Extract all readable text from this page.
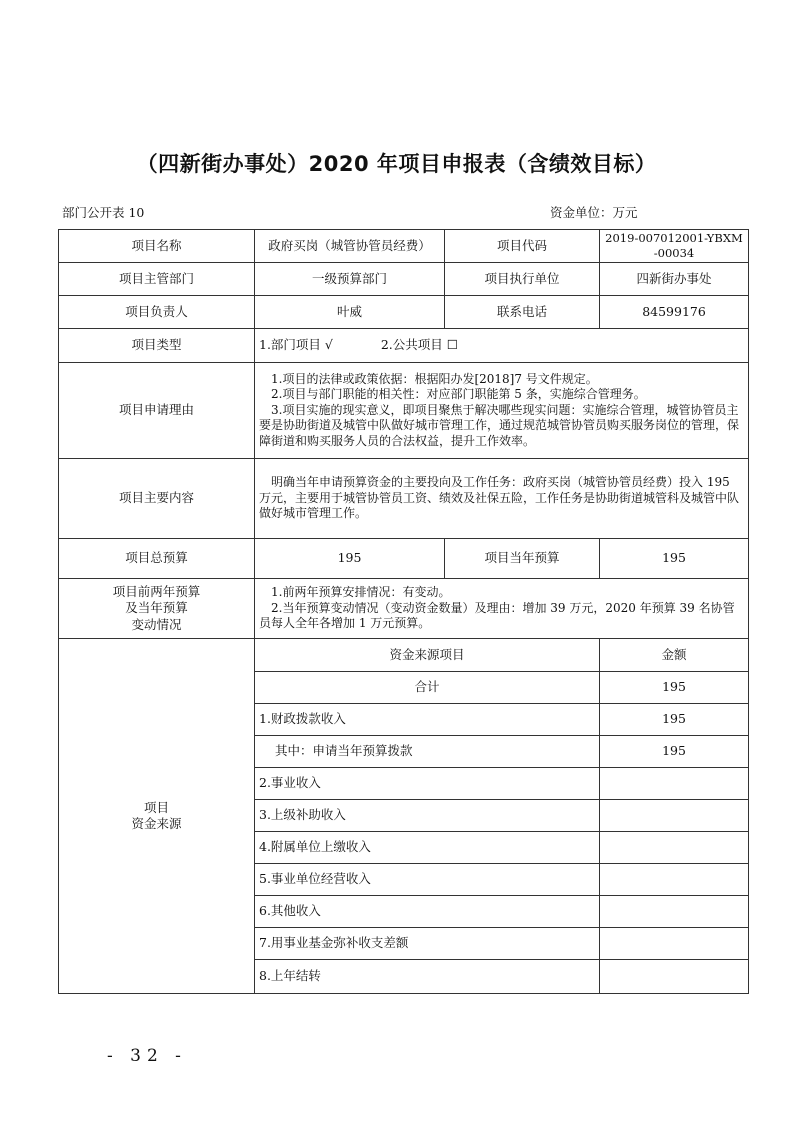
（四新街办事处）2020 年项目申报表（含绩效目标）
部门公开表 10	资金单位：万元
项目名称	政府买岗（城管协管员经费）	项目代码	2019-007012001-YBXM-00034
项目主管部门	一级预算部门	项目执行单位	四新街办事处
项目负责人	叶威	联系电话	84599176
项目类型	1.部门项目 √ 2.公共项目 ☐		
项目申请理由	1.项目的法律或政策依据：根据阳办发[2018]7 号文件规定。
2.项目与部门职能的相关性：对应部门职能第 5 条，实施综合管理务。
3.项目实施的现实意义，即项目聚焦于解决哪些现实问题：实施综合管理，城管协管员主要是协助街道及城管中队做好城市管理工作，通过规范城管协管员购买服务岗位的管理，保障街道和购买服务人员的合法权益，提升工作效率。		

项目主要内容	明确当年申请预算资金的主要投向及工作任务：政府买岗（城管协管员经费）投入 195 万元，主要用于城管协管员工资、绩效及社保五险，工作任务是协助街道城管科及城管中队做好城市管理工作。		

项目总预算	195	项目当年预算	195

项目前两年预算
及当年预算
变动情况	1.前两年预算安排情况：有变动。
2.当年预算变动情况（变动资金数量）及理由：增加 39 万元，2020 年预算 39 名协管员每人全年各增加 1 万元预算。		

项目
资金来源	资金来源项目		金额
	合计		195
	1.财政拨款收入		195
	其中：申请当年预算拨款		195
	2.事业收入		
	3.上级补助收入		
	4.附属单位上缴收入		
	5.事业单位经营收入		
	6.其他收入		
	7.用事业基金弥补收支差额		
	8.上年结转		
- 32 -
